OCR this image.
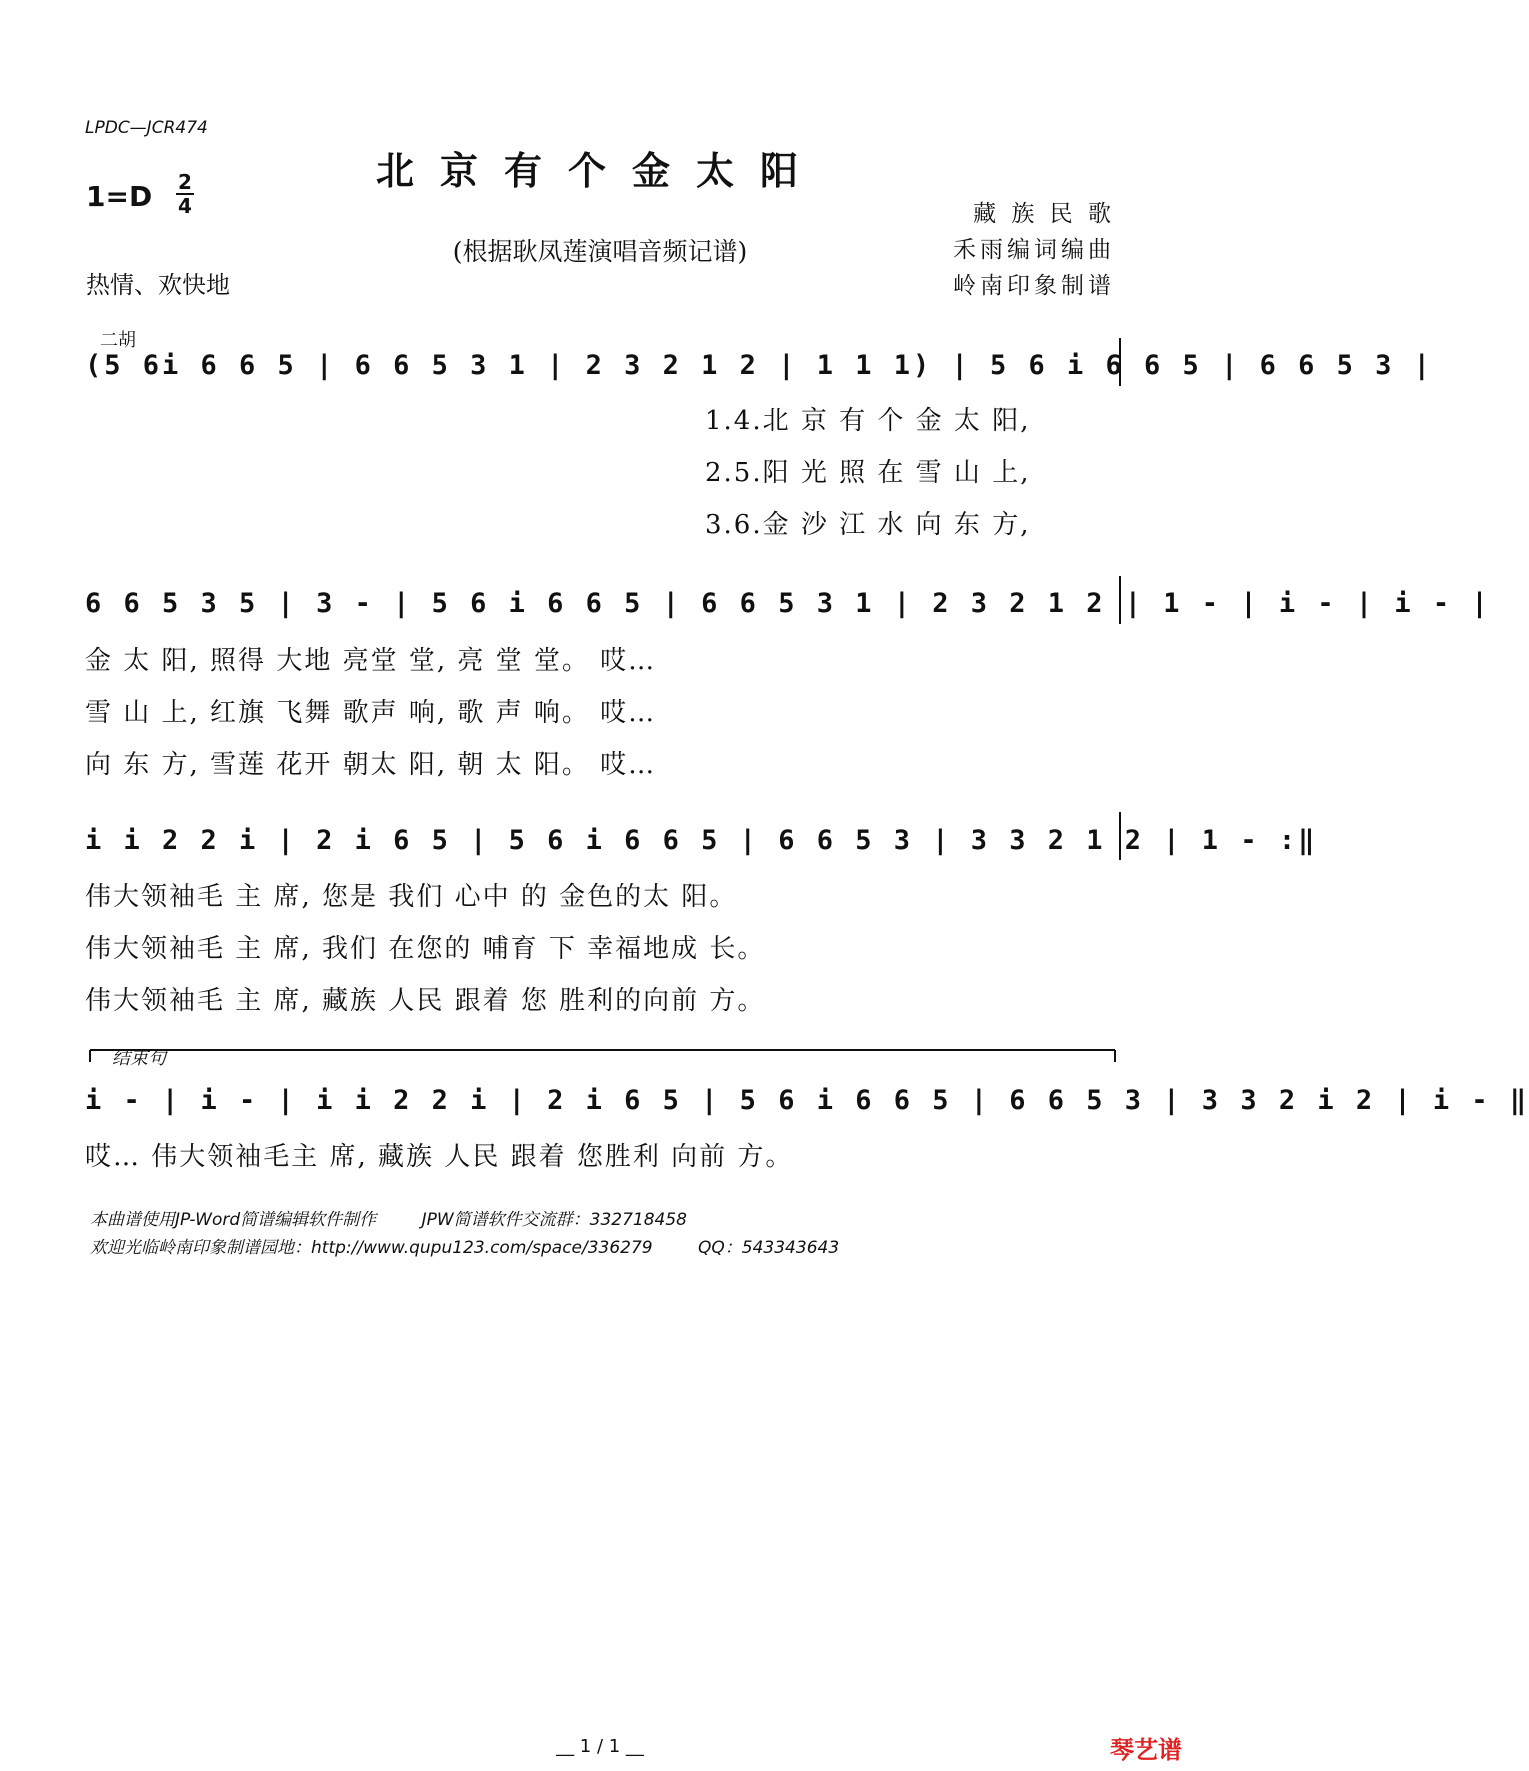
LPDC—JCR474
北京有个金太阳
1=D 2
4
(根据耿凤莲演唱音频记谱)
热情、欢快地
藏 族 民 歌
禾雨编词编曲
岭南印象制谱
二胡
(5 6i 6 6 5 | 6 6 5 3 1 | 2 3 2 1 2 | 1 1 1) | 5 6 i 6 6 5 | 6 6 5 3 |
1.4.北 京 有 个 金 太 阳,
2.5.阳 光 照 在 雪 山 上,
3.6.金 沙 江 水 向 东 方,
6 6 5 3 5 | 3 - | 5 6 i 6 6 5 | 6 6 5 3 1 | 2 3 2 1 2 | 1 - | i - | i - |
金 太 阳, 照得 大地 亮堂 堂, 亮 堂 堂。 哎…
雪 山 上, 红旗 飞舞 歌声 响, 歌 声 响。 哎…
向 东 方, 雪莲 花开 朝太 阳, 朝 太 阳。 哎…
i i 2 2 i | 2 i 6 5 | 5 6 i 6 6 5 | 6 6 5 3 | 3 3 2 1 2 | 1 - :‖
伟大领袖毛 主 席, 您是 我们 心中 的 金色的太 阳。
伟大领袖毛 主 席, 我们 在您的 哺育 下 幸福地成 长。
伟大领袖毛 主 席, 藏族 人民 跟着 您 胜利的向前 方。
结束句
i - | i - | i i 2 2 i | 2 i 6 5 | 5 6 i 6 6 5 | 6 6 5 3 | 3 3 2 i 2 | i - ‖
哎… 伟大领袖毛主 席, 藏族 人民 跟着 您胜利 向前 方。
本曲谱使用JP-Word简谱编辑软件制作	JPW简谱软件交流群：332718458
欢迎光临岭南印象制谱园地：http://www.qupu123.com/space/336279	QQ：543343643
__ 1 / 1 __	琴艺谱
